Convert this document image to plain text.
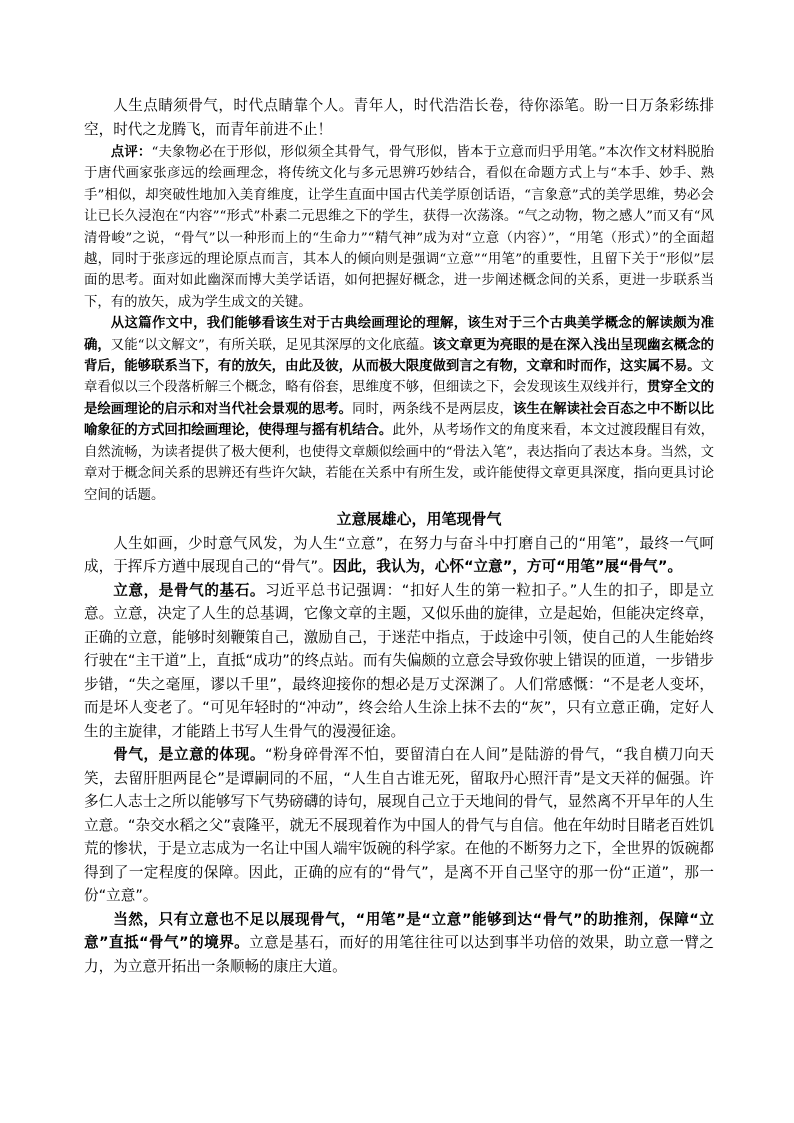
人生点睛须骨气，时代点睛靠个人。青年人，时代浩浩长卷，待你添笔。盼一日万条彩练排空，时代之龙腾飞，而青年前进不止！

点评：“夫象物必在于形似，形似须全其骨气，骨气形似，皆本于立意而归乎用笔。”本次作文材料脱胎于唐代画家张彦远的绘画理念，将传统文化与多元思辨巧妙结合，看似在命题方式上与“本手、妙手、熟手”相似，却突破性地加入美育维度，让学生直面中国古代美学原创话语，“言象意”式的美学思维，势必会让已长久浸泡在“内容”“形式”朴素二元思维之下的学生，获得一次荡涤。“气之动物，物之感人”而又有“风清骨峻”之说，“骨气”以一种形而上的“生命力”“精气神”成为对“立意（内容）”，“用笔（形式）”的全面超越，同时于张彦远的理论原点而言，其本人的倾向则是强调“立意”“用笔”的重要性，且留下关于“形似”层面的思考。面对如此幽深而博大美学话语，如何把握好概念，进一步阐述概念间的关系，更进一步联系当下，有的放矢，成为学生成文的关键。

从这篇作文中，我们能够看该生对于古典绘画理论的理解，该生对于三个古典美学概念的解读颇为准确，又能“以文解文”，有所关联，足见其深厚的文化底蕴。该文章更为亮眼的是在深入浅出呈现幽玄概念的背后，能够联系当下，有的放矢，由此及彼，从而极大限度做到言之有物，文章和时而作，这实属不易。文章看似以三个段落析解三个概念，略有俗套，思维度不够，但细读之下，会发现该生双线并行，贯穿全文的是绘画理论的启示和对当代社会景观的思考。同时，两条线不是两层皮，该生在解读社会百态之中不断以比喻象征的方式回扣绘画理论，使得理与摇有机结合。此外，从考场作文的角度来看，本文过渡段醒目有效，自然流畅，为读者提供了极大便利，也使得文章颇似绘画中的“骨法入笔”，表达指向了表达本身。当然，文章对于概念间关系的思辨还有些许欠缺，若能在关系中有所生发，或许能使得文章更具深度，指向更具讨论空间的话题。

立意展雄心，用笔现骨气

人生如画，少时意气风发，为人生“立意”，在努力与奋斗中打磨自己的“用笔”，最终一气呵成，于挥斥方遒中展现自己的“骨气”。因此，我认为，心怀“立意”，方可“用笔”展“骨气”。

立意，是骨气的基石。习近平总书记强调：“扣好人生的第一粒扣子。”人生的扣子，即是立意。立意，决定了人生的总基调，它像文章的主题，又似乐曲的旋律，立是起始，但能决定终章，正确的立意，能够时刻鞭策自己，激励自己，于迷茫中指点，于歧途中引领，使自己的人生能始终行驶在“主干道”上，直抵“成功”的终点站。而有失偏颇的立意会导致你驶上错误的匝道，一步错步步错，“失之毫厘，谬以千里”，最终迎接你的想必是万丈深渊了。人们常感慨：“不是老人变坏，而是坏人变老了。“可见年轻时的“冲动”，终会给人生涂上抹不去的“灰”，只有立意正确，定好人生的主旋律，才能踏上书写人生骨气的漫漫征途。

骨气，是立意的体现。“粉身碎骨浑不怕，要留清白在人间”是陆游的骨气，“我自横刀向天笑，去留肝胆两昆仑”是谭嗣同的不屈，“人生自古谁无死，留取丹心照汗青”是文天祥的倔强。许多仁人志士之所以能够写下气势磅礴的诗句，展现自己立于天地间的骨气，显然离不开早年的人生立意。“杂交水稻之父”袁隆平，就无不展现着作为中国人的骨气与自信。他在年幼时目睹老百姓饥荒的惨状，于是立志成为一名让中国人端牢饭碗的科学家。在他的不断努力之下，全世界的饭碗都得到了一定程度的保障。因此，正确的应有的“骨气”，是离不开自己坚守的那一份“正道”，那一份“立意”。

当然，只有立意也不足以展现骨气，“用笔”是“立意”能够到达“骨气”的助推剂，保障“立意”直抵“骨气”的境界。立意是基石，而好的用笔往往可以达到事半功倍的效果，助立意一臂之力，为立意开拓出一条顺畅的康庄大道。
